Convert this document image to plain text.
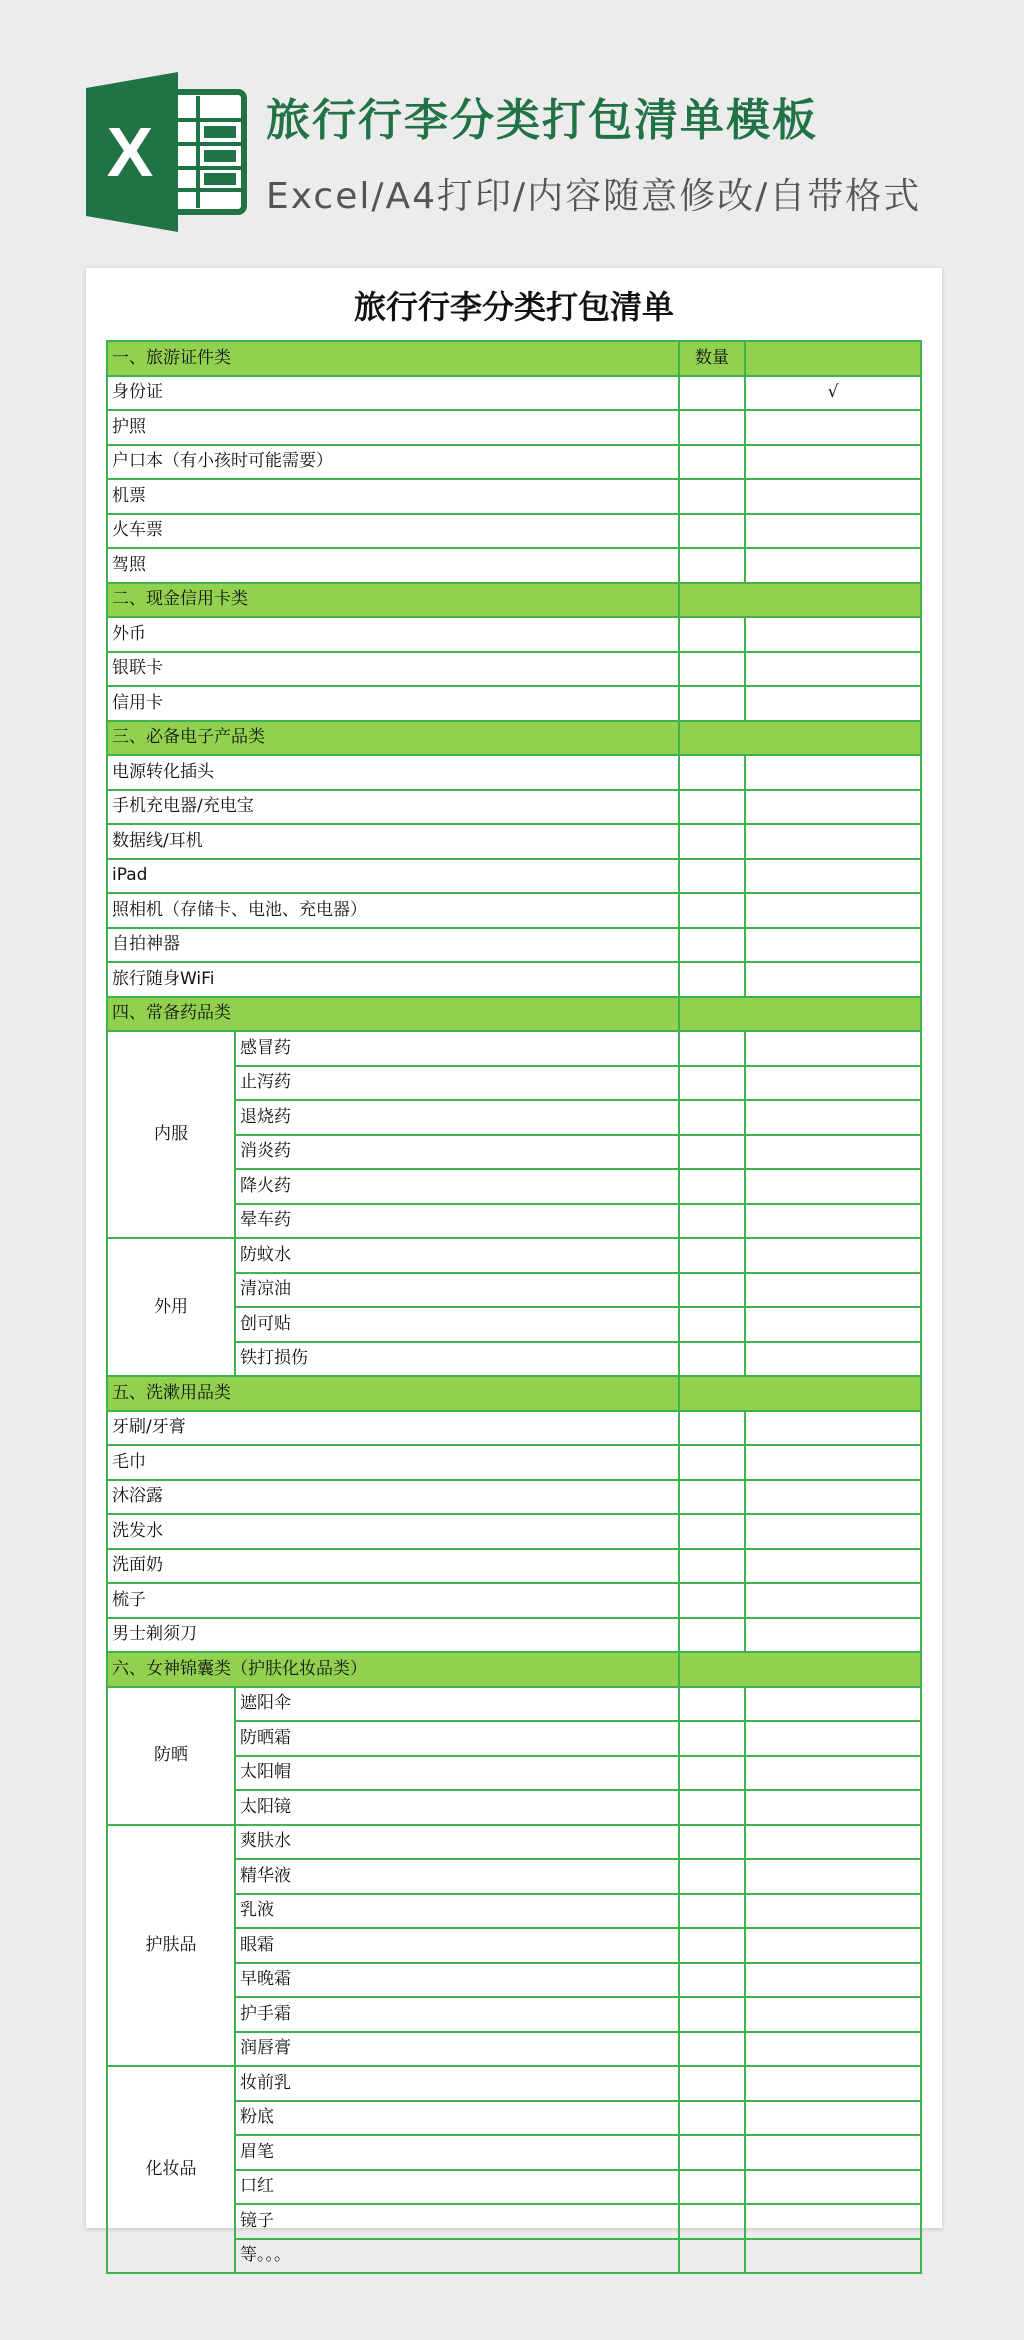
X	旅行行李分类打包清单模板
Excel/A4打印/内容随意修改/自带格式
旅行行李分类打包清单
一、旅游证件类		数量	
身份证			√
护照			
户口本（有小孩时可能需要）			
机票			
火车票			
驾照			
二、现金信用卡类			
外币			
银联卡			
信用卡			
三、必备电子产品类			
电源转化插头			
手机充电器/充电宝			
数据线/耳机			
iPad			
照相机（存储卡、电池、充电器）			
自拍神器			
旅行随身WiFi			
四、常备药品类			
内服	感冒药		
	止泻药		
	退烧药		
	消炎药		
	降火药		
	晕车药		
外用	防蚊水		
	清凉油		
	创可贴		
	铁打损伤		
五、洗漱用品类			
牙刷/牙膏			
毛巾			
沐浴露			
洗发水			
洗面奶			
梳子			
男士剃须刀			
六、女神锦囊类（护肤化妆品类）			
防晒	遮阳伞		
	防晒霜		
	太阳帽		
	太阳镜		
护肤品	爽肤水		
	精华液		
	乳液		
	眼霜		
	早晚霜		
	护手霜		
	润唇膏		
化妆品	妆前乳		
	粉底		
	眉笔		
	口红		
	镜子		
	等。。。		
